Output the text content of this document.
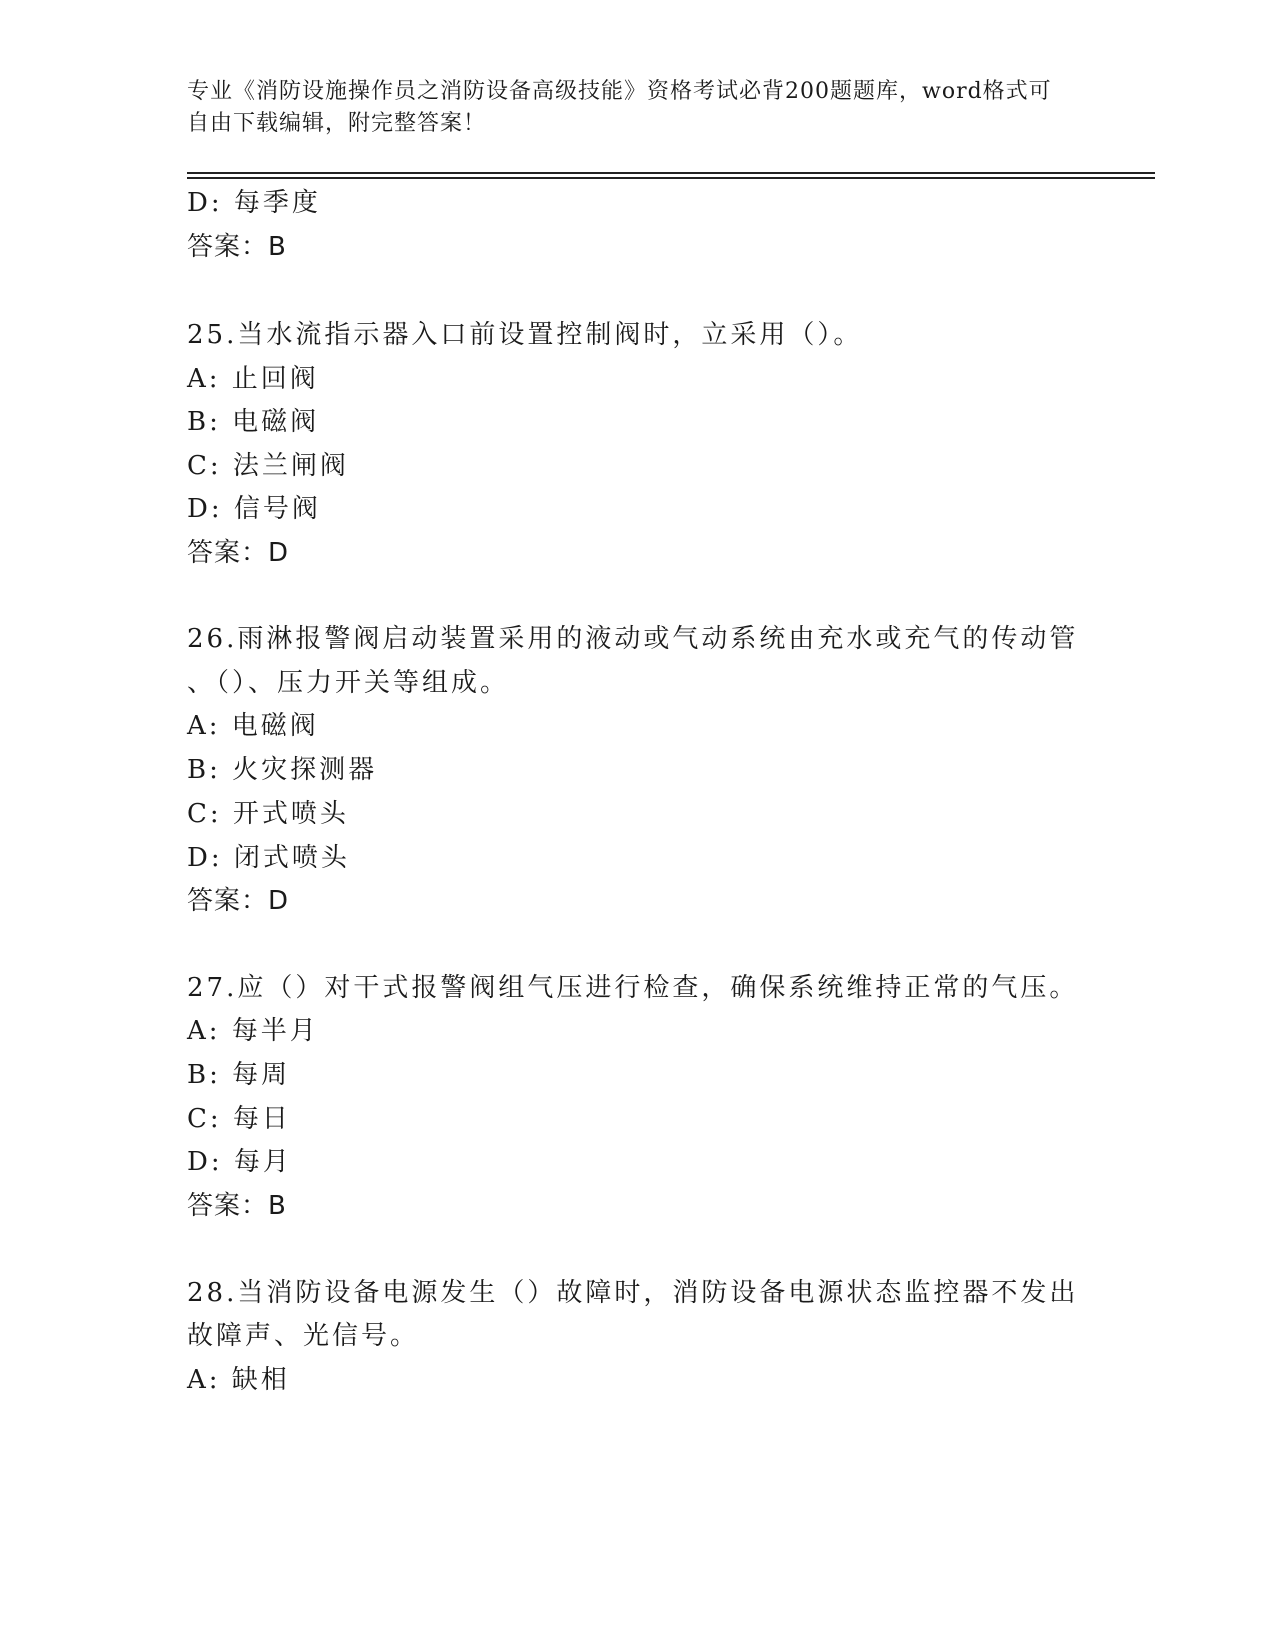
专业《消防设施操作员之消防设备高级技能》资格考试必背200题题库，word格式可自由下载编辑，附完整答案！
D: 每季度
答案：B
25.当水流指示器入口前设置控制阀时，立采用（）。
A: 止回阀
B: 电磁阀
C: 法兰闸阀
D: 信号阀
答案：D
26.雨淋报警阀启动装置采用的液动或气动系统由充水或充气的传动管
、（）、压力开关等组成。
A: 电磁阀
B: 火灾探测器
C: 开式喷头
D: 闭式喷头
答案：D
27.应（）对干式报警阀组气压进行检查，确保系统维持正常的气压。
A: 每半月
B: 每周
C: 每日
D: 每月
答案：B
28.当消防设备电源发生（）故障时，消防设备电源状态监控器不发出
故障声、光信号。
A: 缺相
